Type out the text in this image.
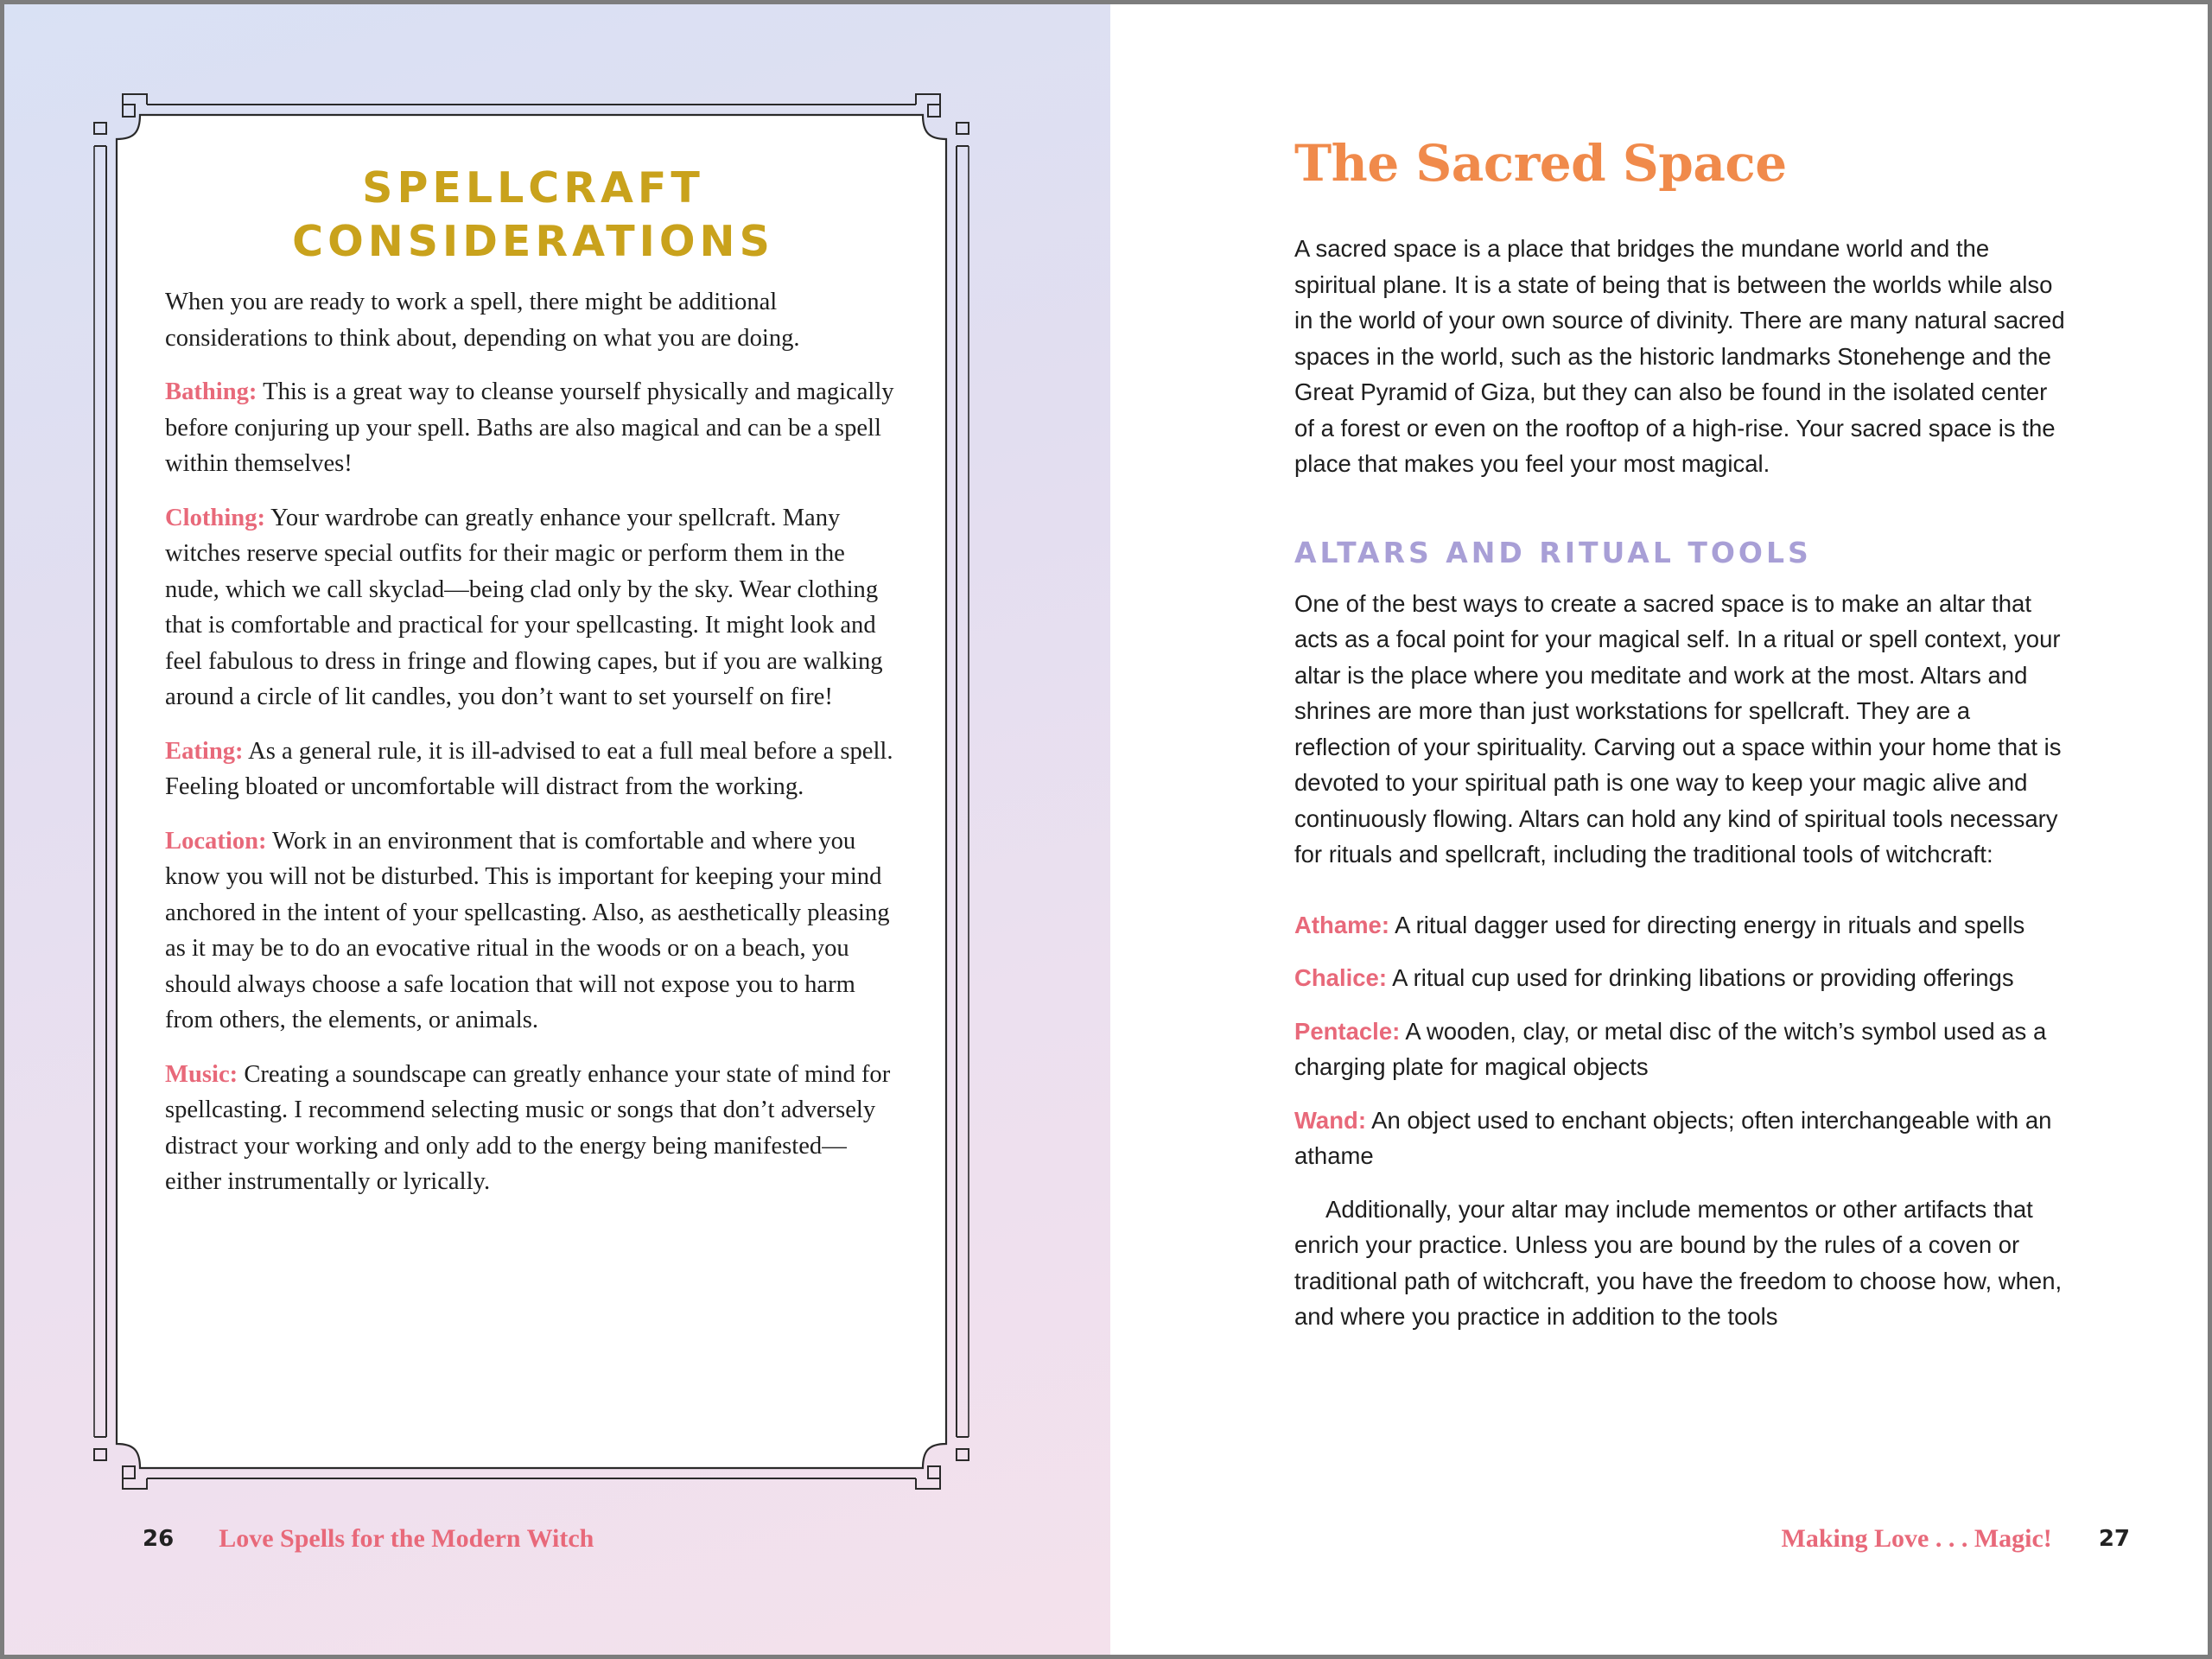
SPELLCRAFT CONSIDERATIONS

When you are ready to work a spell, there might be additional considerations to think about, depending on what you are doing.

Bathing: This is a great way to cleanse yourself physically and magically before conjuring up your spell. Baths are also magical and can be a spell within themselves!

Clothing: Your wardrobe can greatly enhance your spellcraft. Many witches reserve special outfits for their magic or perform them in the nude, which we call skyclad—being clad only by the sky. Wear clothing that is comfortable and practical for your spellcasting. It might look and feel fabulous to dress in fringe and flowing capes, but if you are walking around a circle of lit candles, you don’t want to set yourself on fire!

Eating: As a general rule, it is ill-advised to eat a full meal before a spell. Feeling bloated or uncomfortable will distract from the working.

Location: Work in an environment that is comfortable and where you know you will not be disturbed. This is important for keeping your mind anchored in the intent of your spellcasting. Also, as aesthetically pleasing as it may be to do an evocative ritual in the woods or on a beach, you should always choose a safe location that will not expose you to harm from others, the elements, or animals.

Music: Creating a soundscape can greatly enhance your state of mind for spellcasting. I recommend selecting music or songs that don’t adversely distract your working and only add to the energy being manifested—either instrumentally or lyrically.

26 Love Spells for the Modern Witch
The Sacred Space

A sacred space is a place that bridges the mundane world and the spiritual plane. It is a state of being that is between the worlds while also in the world of your own source of divinity. There are many natural sacred spaces in the world, such as the historic landmarks Stonehenge and the Great Pyramid of Giza, but they can also be found in the isolated center of a forest or even on the rooftop of a high-rise. Your sacred space is the place that makes you feel your most magical.

ALTARS AND RITUAL TOOLS

One of the best ways to create a sacred space is to make an altar that acts as a focal point for your magical self. In a ritual or spell context, your altar is the place where you meditate and work at the most. Altars and shrines are more than just workstations for spellcraft. They are a reflection of your spirituality. Carving out a space within your home that is devoted to your spiritual path is one way to keep your magic alive and continuously flowing. Altars can hold any kind of spiritual tools necessary for rituals and spellcraft, including the traditional tools of witchcraft:

Athame: A ritual dagger used for directing energy in rituals and spells

Chalice: A ritual cup used for drinking libations or providing offerings

Pentacle: A wooden, clay, or metal disc of the witch’s symbol used as a charging plate for magical objects

Wand: An object used to enchant objects; often interchangeable with an athame

Additionally, your altar may include mementos or other artifacts that enrich your practice. Unless you are bound by the rules of a coven or traditional path of witchcraft, you have the freedom to choose how, when, and where you practice in addition to the tools

Making Love . . . Magic! 27
